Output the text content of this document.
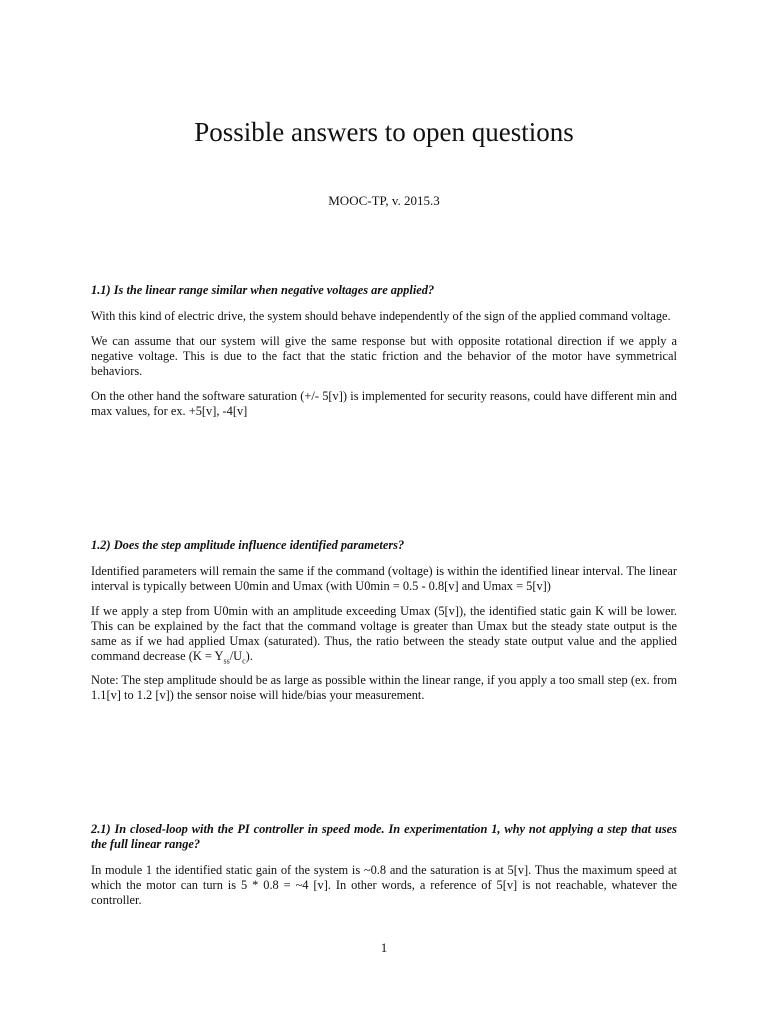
Possible answers to open questions
MOOC-TP, v. 2015.3

1.1) Is the linear range similar when negative voltages are applied?

With this kind of electric drive, the system should behave independently of the sign of the applied command voltage.

We can assume that our system will give the same response but with opposite rotational direction if we apply a negative voltage. This is due to the fact that the static friction and the behavior of the motor have symmetrical behaviors.

On the other hand the software saturation (+/- 5[v]) is implemented for security reasons, could have different min and max values, for ex. +5[v], -4[v]

1.2) Does the step amplitude influence identified parameters?

Identified parameters will remain the same if the command (voltage) is within the identified linear interval. The linear interval is typically between U0min and Umax (with U0min = 0.5 - 0.8[v] and Umax = 5[v])

If we apply a step from U0min with an amplitude exceeding Umax (5[v]), the identified static gain K will be lower. This can be explained by the fact that the command voltage is greater than Umax but the steady state output is the same as if we had applied Umax (saturated). Thus, the ratio between the steady state output value and the applied command decrease $(K = Y_{ss}/U_c)$.

Note: The step amplitude should be as large as possible within the linear range, if you apply a too small step (ex. from 1.1[v] to 1.2 [v]) the sensor noise will hide/bias your measurement.

2.1) In closed-loop with the PI controller in speed mode. In experimentation 1, why not applying a step that uses the full linear range?

In module 1 the identified static gain of the system is ~0.8 and the saturation is at 5[v]. Thus the maximum speed at which the motor can turn is 5 * 0.8 = ~4 [v]. In other words, a reference of 5[v] is not reachable, whatever the controller.

1
